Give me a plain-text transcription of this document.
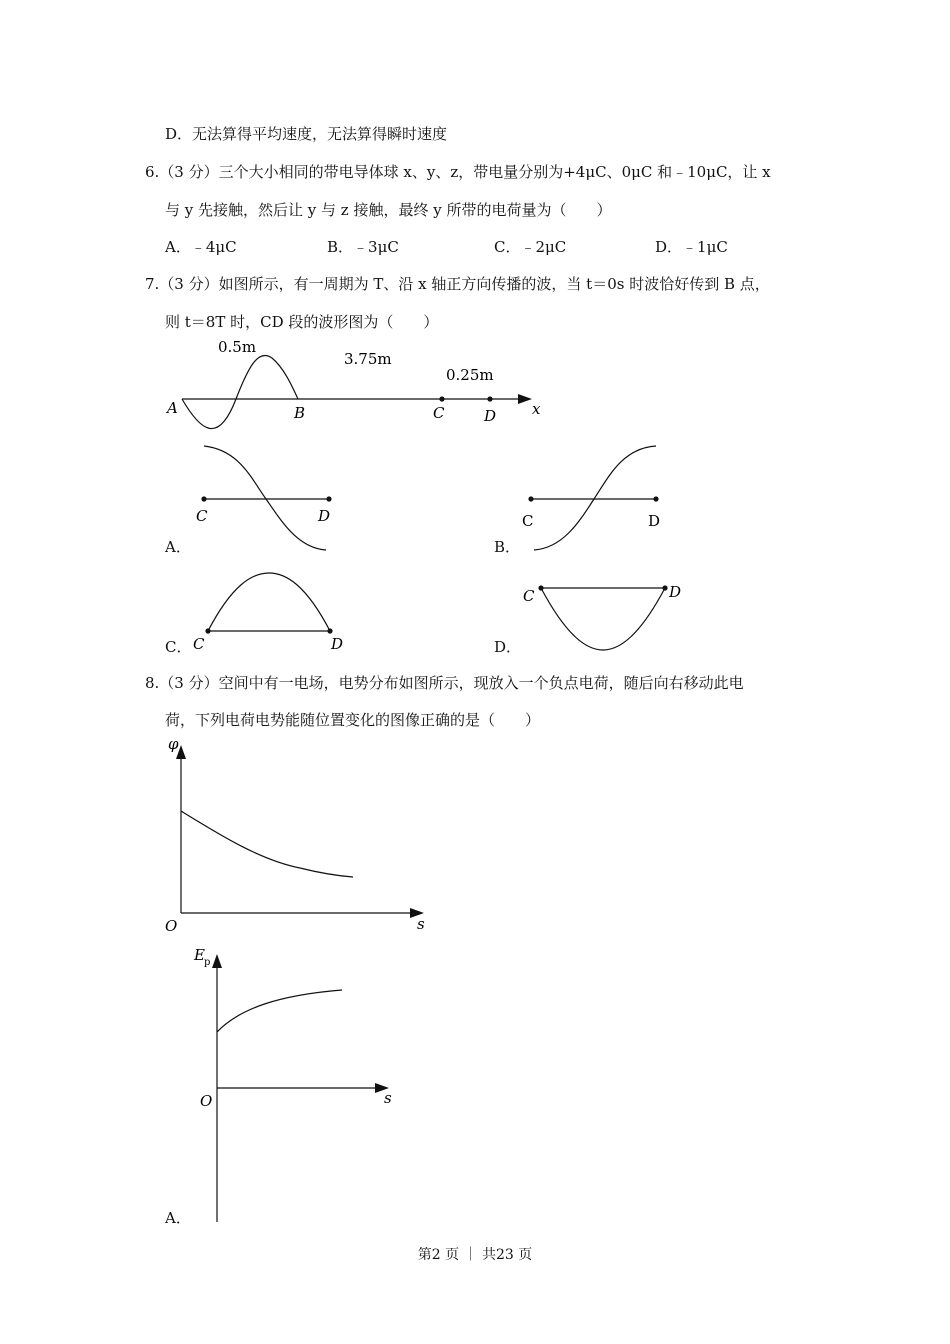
D．无法算得平均速度，无法算得瞬时速度
6.（3 分）三个大小相同的带电导体球 x、y、z，带电量分别为+4μC、0μC 和﹣10μC，让 x
与 y 先接触，然后让 y 与 z 接触，最终 y 所带的电荷量为（　　）
A．﹣4μC	B．﹣3μC	C．﹣2μC	D．﹣1μC
7.（3 分）如图所示，有一周期为 T、沿 x 轴正方向传播的波，当 t＝0s 时波恰好传到 B 点，
则 t＝8T 时，CD 段的波形图为（　　）
0.5m
3.75m
0.25m
A	B	C	D x
A．
C	D
B．
C	D
C． C	D	D．
C	D
8.（3 分）空间中有一电场，电势分布如图所示，现放入一个负点电荷，随后向右移动此电
荷，下列电荷电势能随位置变化的图像正确的是（　　）
φ
O	s
E p
O	s
A．
第2 页 ｜ 共23 页
